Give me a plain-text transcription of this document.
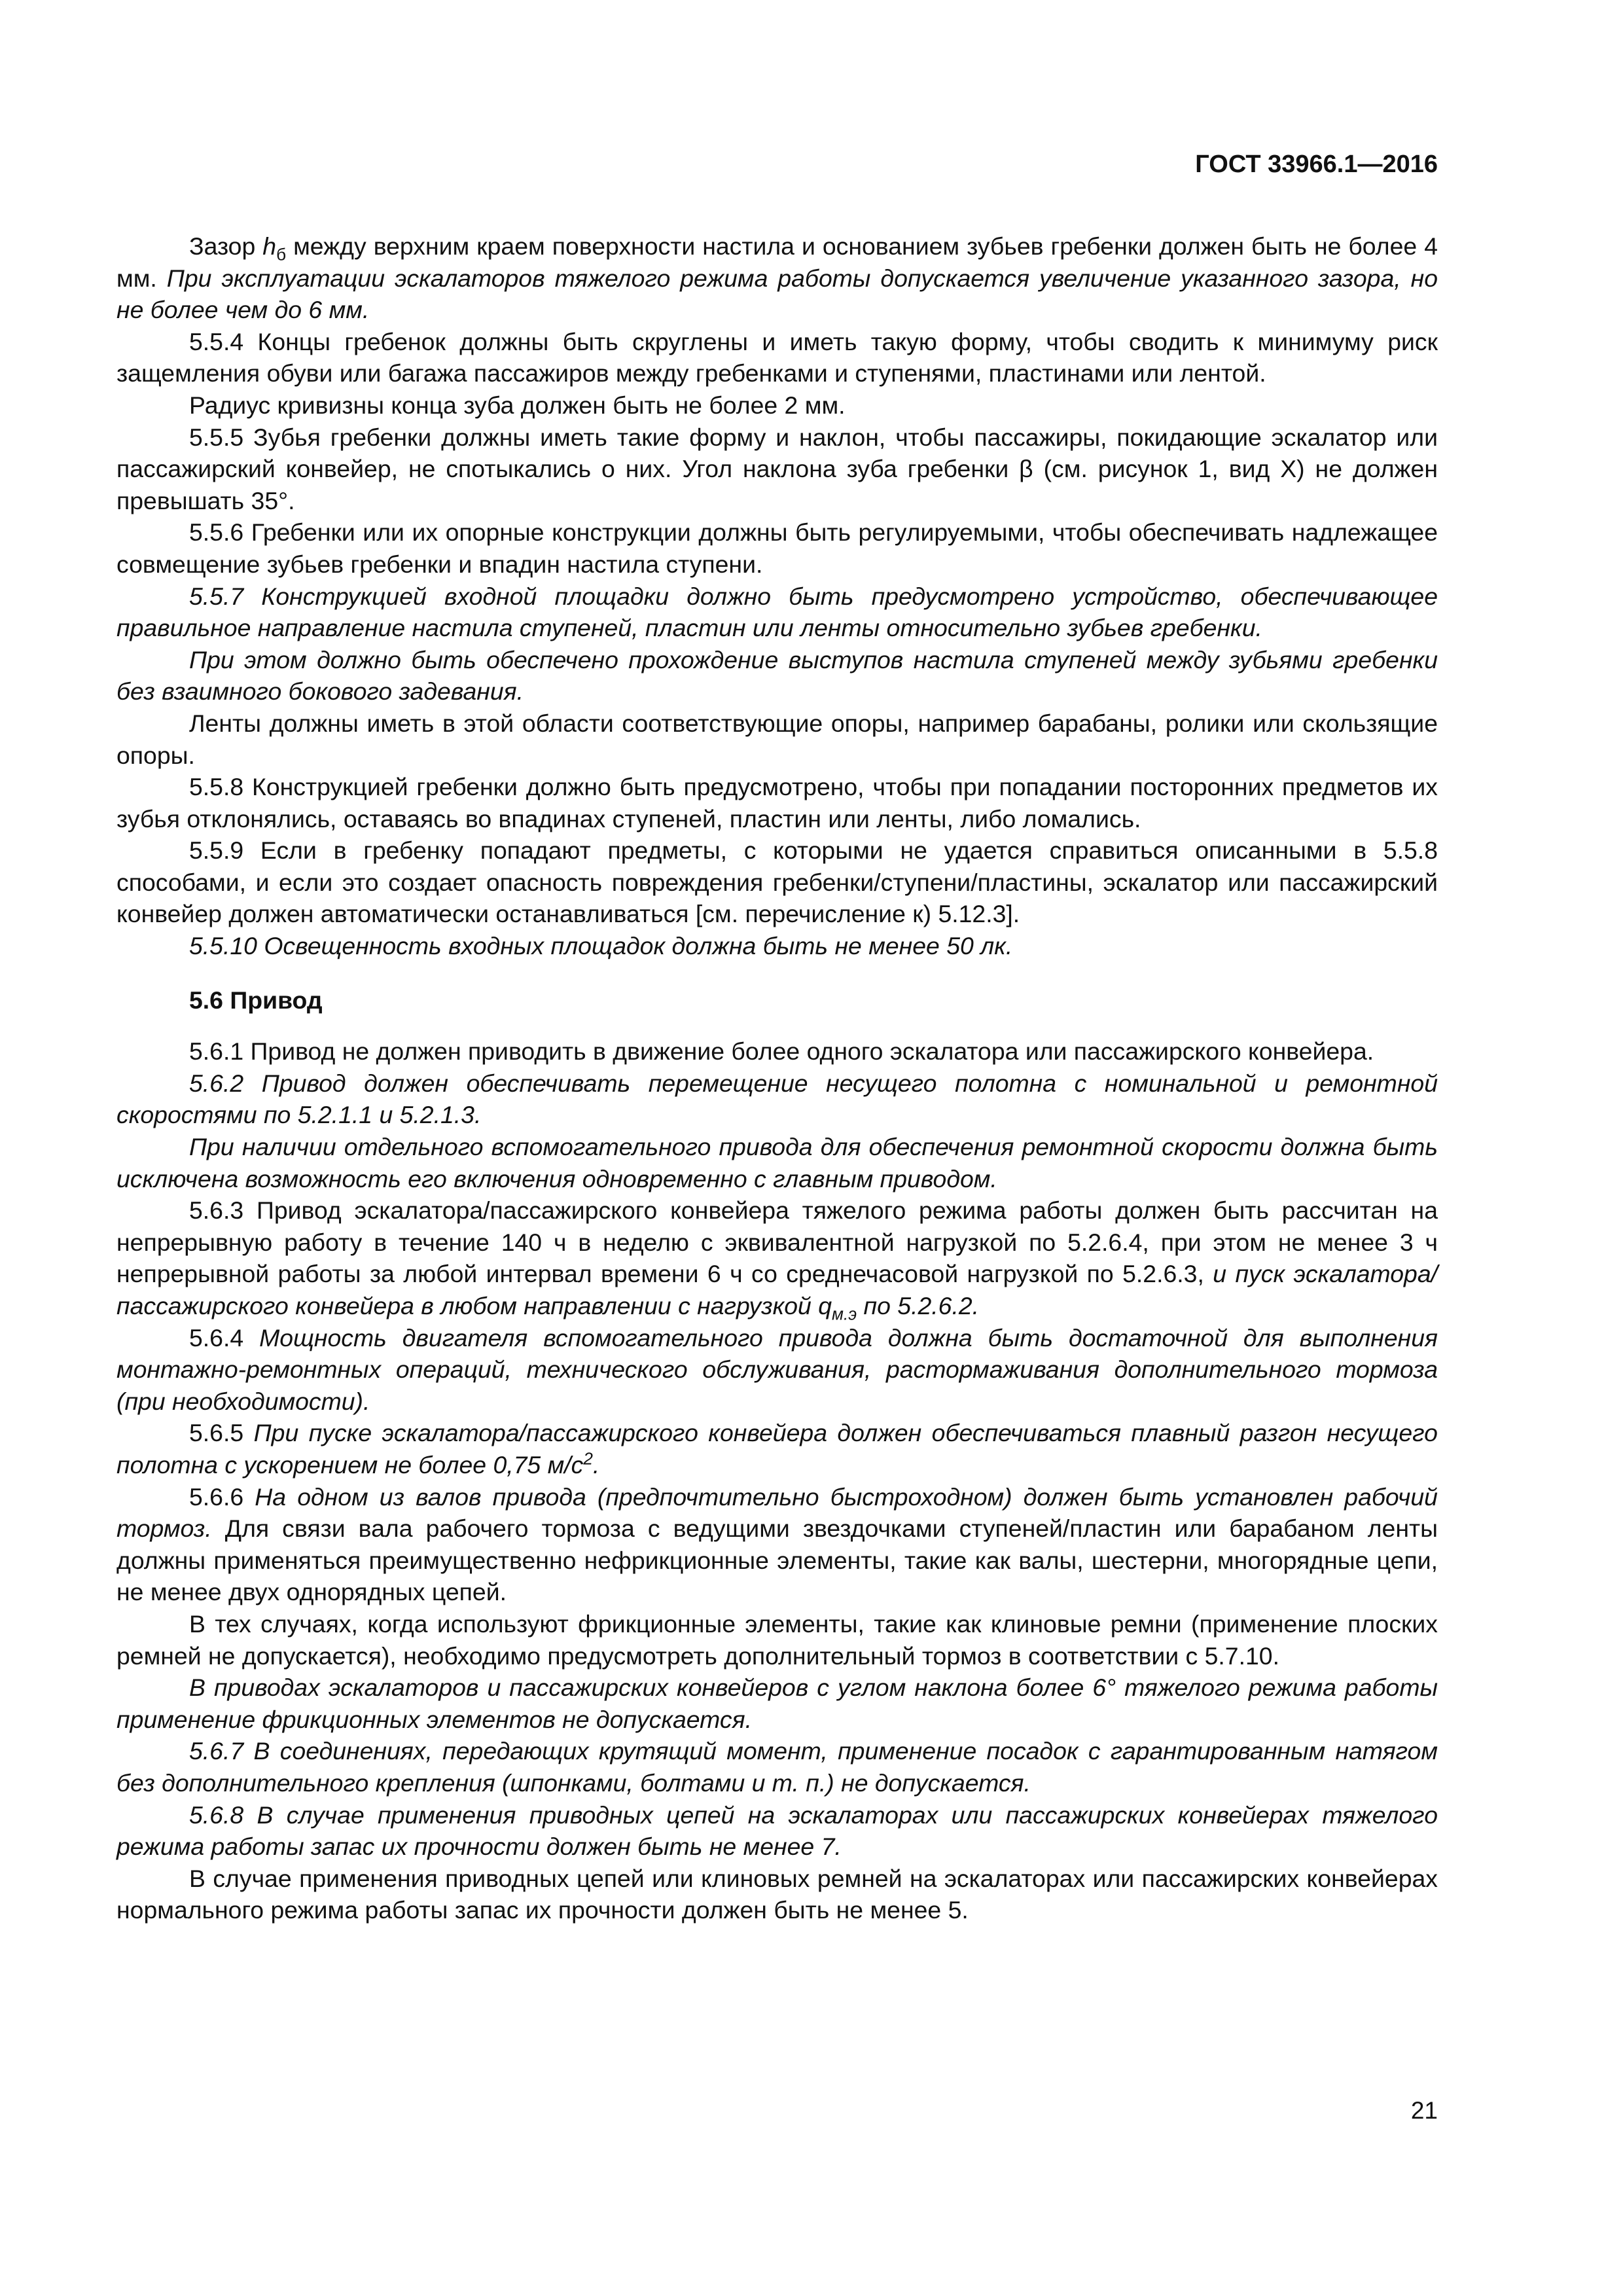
ГОСТ 33966.1—2016

Зазор $h_б$ между верхним краем поверхности настила и основанием зубьев гребенки должен быть не более 4 мм. При эксплуатации эскалаторов тяжелого режима работы допускается увеличение указанного зазора, но не более чем до 6 мм.

5.5.4 Концы гребенок должны быть скруглены и иметь такую форму, чтобы сводить к минимуму риск защемления обуви или багажа пассажиров между гребенками и ступенями, пластинами или лентой.

Радиус кривизны конца зуба должен быть не более 2 мм.

5.5.5 Зубья гребенки должны иметь такие форму и наклон, чтобы пассажиры, покидающие эскалатор или пассажирский конвейер, не спотыкались о них. Угол наклона зуба гребенки β (см. рисунок 1, вид Х) не должен превышать 35°.

5.5.6 Гребенки или их опорные конструкции должны быть регулируемыми, чтобы обеспечивать надлежащее совмещение зубьев гребенки и впадин настила ступени.

5.5.7 Конструкцией входной площадки должно быть предусмотрено устройство, обеспечивающее правильное направление настила ступеней, пластин или ленты относительно зубьев гребенки.

При этом должно быть обеспечено прохождение выступов настила ступеней между зубьями гребенки без взаимного бокового задевания.

Ленты должны иметь в этой области соответствующие опоры, например барабаны, ролики или скользящие опоры.

5.5.8 Конструкцией гребенки должно быть предусмотрено, чтобы при попадании посторонних предметов их зубья отклонялись, оставаясь во впадинах ступеней, пластин или ленты, либо ломались.

5.5.9 Если в гребенку попадают предметы, с которыми не удается справиться описанными в 5.5.8 способами, и если это создает опасность повреждения гребенки/ступени/пластины, эскалатор или пассажирский конвейер должен автоматически останавливаться [см. перечисление к) 5.12.3].

5.5.10 Освещенность входных площадок должна быть не менее 50 лк.

5.6 Привод

5.6.1 Привод не должен приводить в движение более одного эскалатора или пассажирского конвейера.

5.6.2 Привод должен обеспечивать перемещение несущего полотна с номинальной и ремонтной скоростями по 5.2.1.1 и 5.2.1.3.

При наличии отдельного вспомогательного привода для обеспечения ремонтной скорости должна быть исключена возможность его включения одновременно с главным приводом.

5.6.3 Привод эскалатора/пассажирского конвейера тяжелого режима работы должен быть рассчитан на непрерывную работу в течение 140 ч в неделю с эквивалентной нагрузкой по 5.2.6.4, при этом не менее 3 ч непрерывной работы за любой интервал времени 6 ч со среднечасовой нагрузкой по 5.2.6.3, и пуск эскалатора/пассажирского конвейера в любом направлении с нагрузкой $q_{м.э}$ по 5.2.6.2.

5.6.4 Мощность двигателя вспомогательного привода должна быть достаточной для выполнения монтажно-ремонтных операций, технического обслуживания, растормаживания дополнительного тормоза (при необходимости).

5.6.5 При пуске эскалатора/пассажирского конвейера должен обеспечиваться плавный разгон несущего полотна с ускорением не более 0,75 $м/с^2$.

5.6.6 На одном из валов привода (предпочтительно быстроходном) должен быть установлен рабочий тормоз. Для связи вала рабочего тормоза с ведущими звездочками ступеней/пластин или барабаном ленты должны применяться преимущественно нефрикционные элементы, такие как валы, шестерни, многорядные цепи, не менее двух однорядных цепей.

В тех случаях, когда используют фрикционные элементы, такие как клиновые ремни (применение плоских ремней не допускается), необходимо предусмотреть дополнительный тормоз в соответствии с 5.7.10.

В приводах эскалаторов и пассажирских конвейеров с углом наклона более 6° тяжелого режима работы применение фрикционных элементов не допускается.

5.6.7 В соединениях, передающих крутящий момент, применение посадок с гарантированным натягом без дополнительного крепления (шпонками, болтами и т. п.) не допускается.

5.6.8 В случае применения приводных цепей на эскалаторах или пассажирских конвейерах тяжелого режима работы запас их прочности должен быть не менее 7.

В случае применения приводных цепей или клиновых ремней на эскалаторах или пассажирских конвейерах нормального режима работы запас их прочности должен быть не менее 5.

21
